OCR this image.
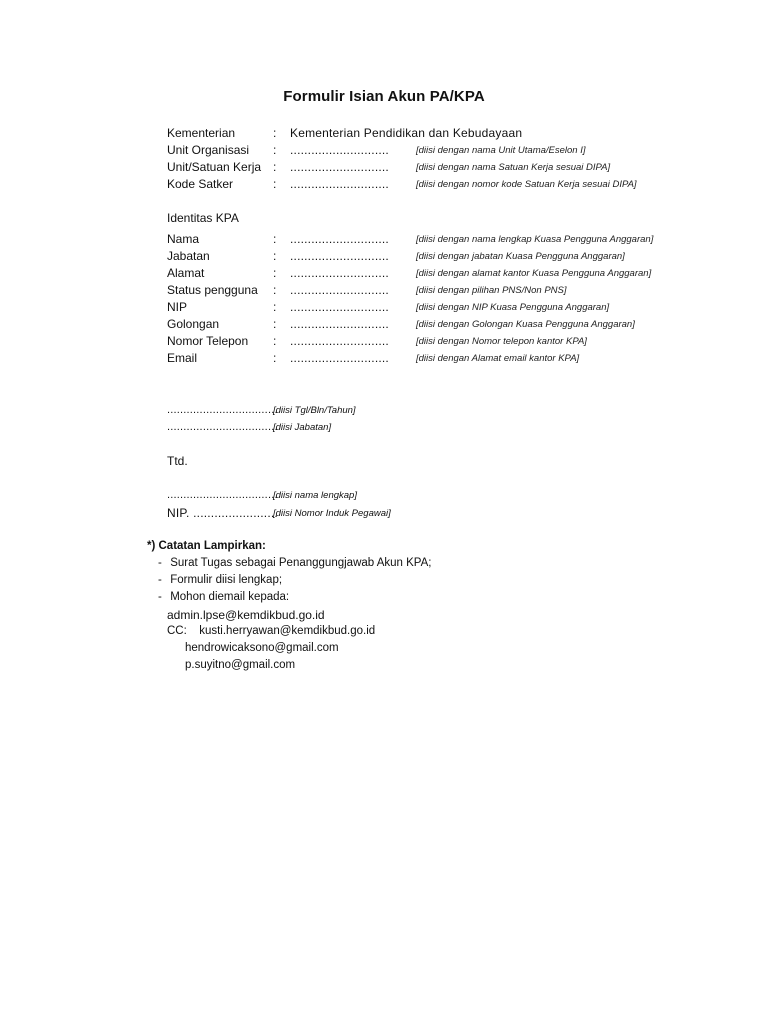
Formulir Isian Akun PA/KPA
Kementerian	: Kementerian Pendidikan dan Kebudayaan
Unit Organisasi : ............................	[diisi dengan nama Unit Utama/Eselon I]
Unit/Satuan Kerja : ............................	[diisi dengan nama Satuan Kerja sesuai DIPA]
Kode Satker	: ............................	[diisi dengan nomor kode Satuan Kerja sesuai DIPA]
Identitas KPA
Nama	: ............................	[diisi dengan nama lengkap Kuasa Pengguna Anggaran]
Jabatan	: ............................	[diisi dengan jabatan Kuasa Pengguna Anggaran]
Alamat	: ............................	[diisi dengan alamat kantor Kuasa Pengguna Anggaran]
Status pengguna : ............................	[diisi dengan pilihan PNS/Non PNS]
NIP	: ............................	[diisi dengan NIP Kuasa Pengguna Anggaran]
Golongan	: ............................	[diisi dengan Golongan Kuasa Pengguna Anggaran]
Nomor Telepon : ............................	[diisi dengan Nomor telepon kantor KPA]
Email	: ............................	[diisi dengan Alamat email kantor KPA]
..................................
[diisi Tgl/Bln/Tahun]
..................................
[diisi Jabatan]
Ttd.
..................................
[diisi nama lengkap]
NIP. ........................
[diisi Nomor Induk Pegawai]
*) Catatan Lampirkan:
- Surat Tugas sebagai Penanggungjawab Akun KPA;
- Formulir diisi lengkap;
- Mohon diemail kepada:
admin.lpse@kemdikbud.go.id
CC: kusti.herryawan@kemdikbud.go.id
hendrowicaksono@gmail.com
p.suyitno@gmail.com
